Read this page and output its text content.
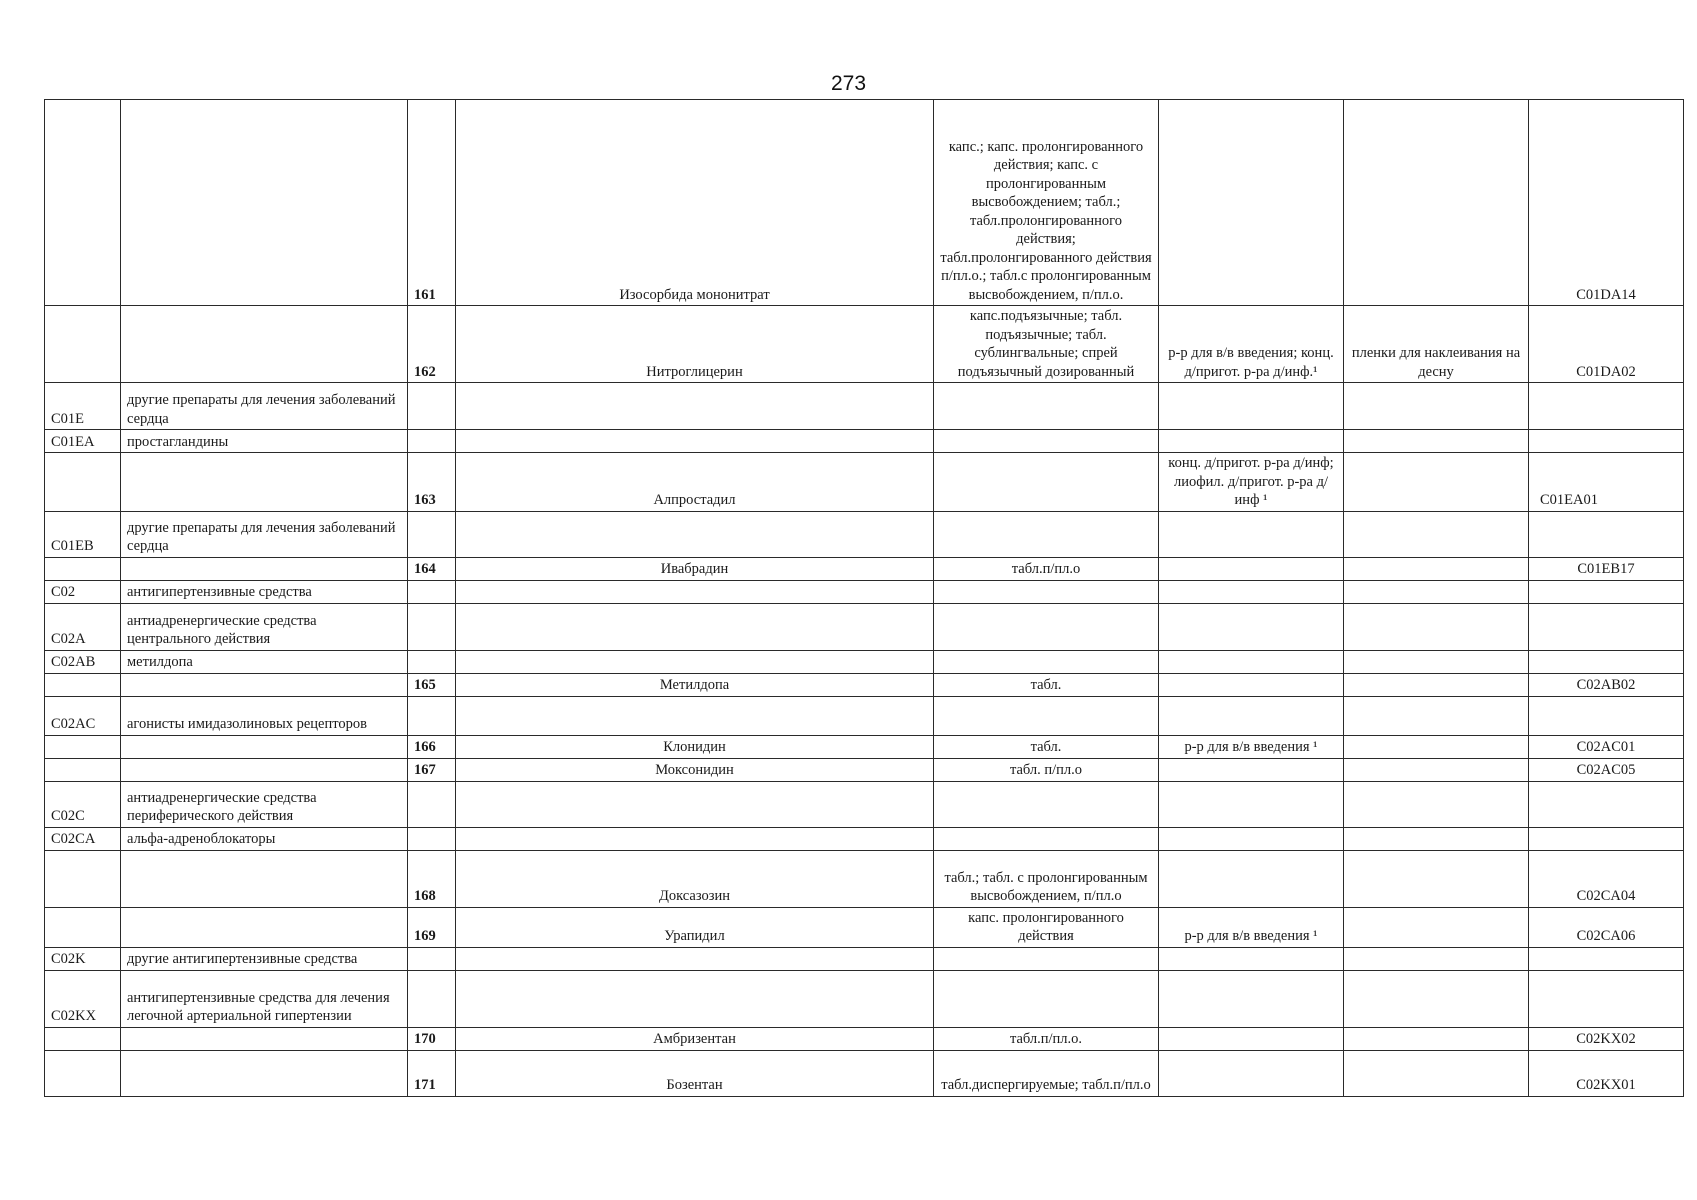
273
		161	Изосорбида мононитрат	капс.; капс. пролонгированного действия; капс. с пролонгированным высвобождением; табл.; табл.пролонгированного действия; табл.пролонгированного действия п/пл.о.; табл.с пролонгированным высвобождением, п/пл.о.			C01DA14
		162	Нитроглицерин	капс.подъязычные; табл. подъязычные; табл. сублингвальные; спрей подъязычный дозированный	р-р для в/в введения; конц. д/пригот. р-ра д/инф.¹	пленки для наклеивания на десну	C01DA02
C01E	другие препараты для лечения заболеваний сердца						
C01EA	простагландины						
		163	Алпростадил		конц. д/пригот. р-ра д/инф; лиофил. д/пригот. р-ра д/инф ¹		C01EA01
C01EB	другие препараты для лечения заболеваний сердца						
		164	Ивабрадин	табл.п/пл.о			C01EB17
C02	антигипертензивные средства						
C02A	антиадренергические средства центрального действия						
C02AB	метилдопа						
		165	Метилдопа	табл.			C02AB02
C02AC	агонисты имидазолиновых рецепторов						
		166	Клонидин	табл.	р-р для в/в введения ¹		C02AC01
		167	Моксонидин	табл. п/пл.о			C02AC05
C02C	антиадренергические средства периферического действия						
C02CA	альфа-адреноблокаторы						
		168	Доксазозин	табл.; табл. с пролонгированным высвобождением, п/пл.о			C02CA04
		169	Урапидил	капс. пролонгированного действия	р-р для в/в введения ¹		C02CA06
C02K	другие антигипертензивные средства						
C02KX	антигипертензивные средства для лечения легочной артериальной гипертензии						
		170	Амбризентан	табл.п/пл.о.			C02KX02
		171	Бозентан	табл.диспергируемые; табл.п/пл.о			C02KX01
